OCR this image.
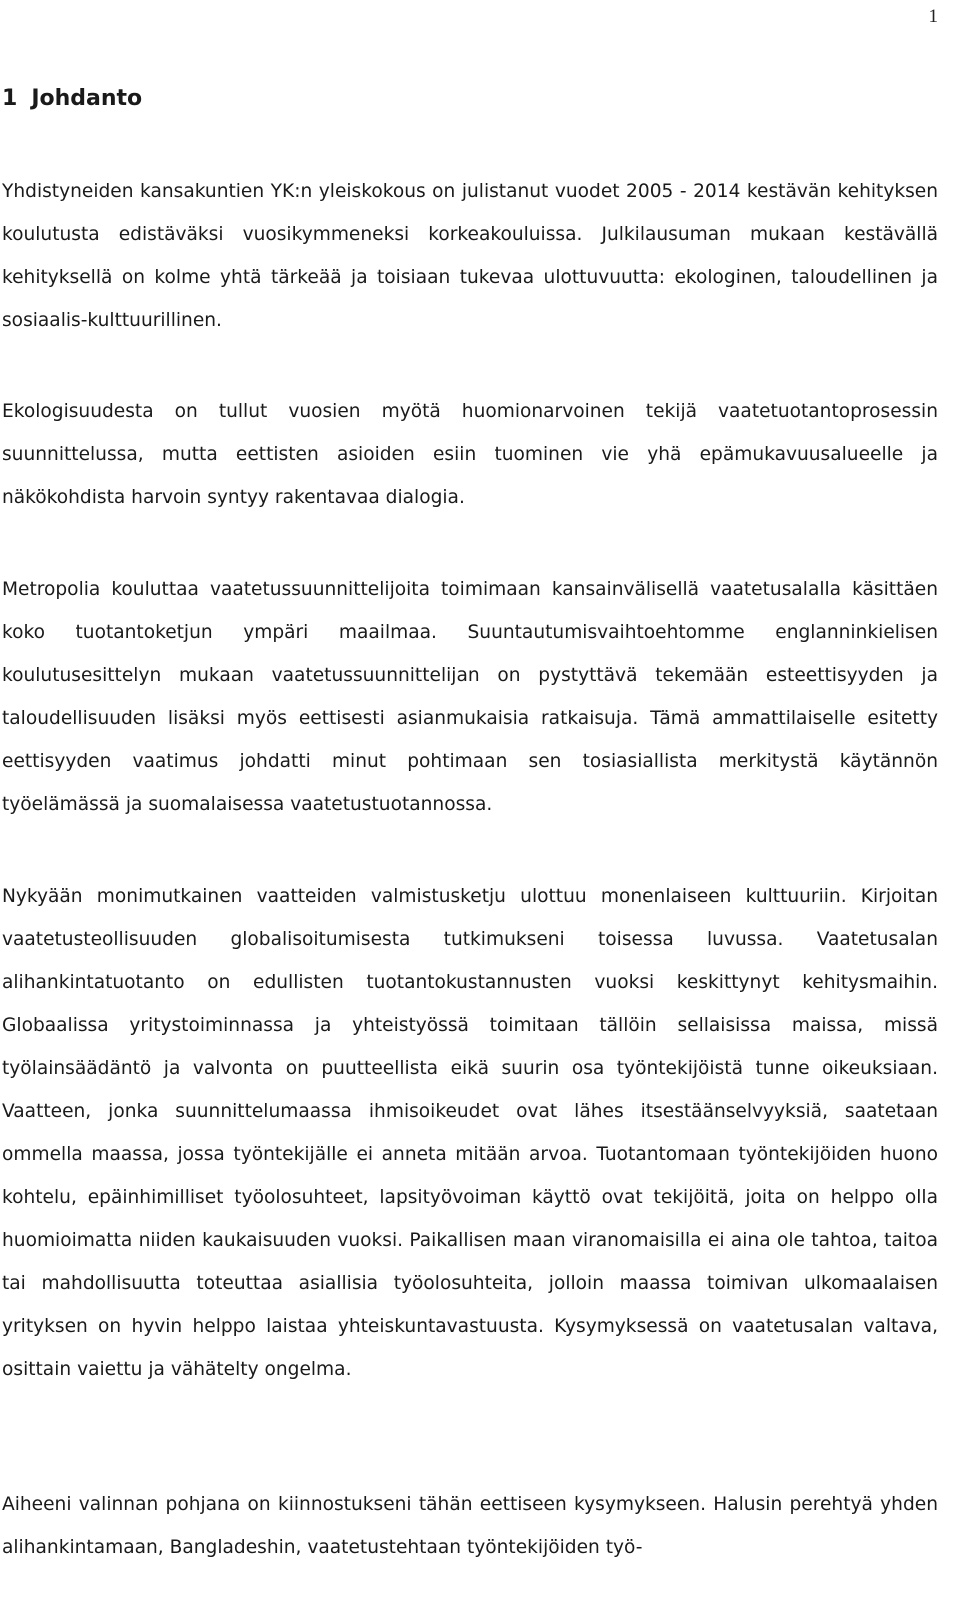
1
1 Johdanto

Yhdistyneiden kansakuntien YK:n yleiskokous on julistanut vuodet 2005 - 2014 kestävän kehityksen koulutusta edistäväksi vuosikymmeneksi korkeakouluissa. Julkilausuman mukaan kestävällä kehityksellä on kolme yhtä tärkeää ja toisiaan tukevaa ulottuvuutta: ekologinen, taloudellinen ja sosiaalis-kulttuurillinen.

Ekologisuudesta on tullut vuosien myötä huomionarvoinen tekijä vaatetuotantoprosessin suunnittelussa, mutta eettisten asioiden esiin tuominen vie yhä epämukavuusalueelle ja näkökohdista harvoin syntyy rakentavaa dialogia.

Metropolia kouluttaa vaatetussuunnittelijoita toimimaan kansainvälisellä vaatetusalalla käsittäen koko tuotantoketjun ympäri maailmaa. Suuntautumisvaihtoehtomme englanninkielisen koulutusesittelyn mukaan vaatetussuunnittelijan on pystyttävä tekemään esteettisyyden ja taloudellisuuden lisäksi myös eettisesti asianmukaisia ratkaisuja. Tämä ammattilaiselle esitetty eettisyyden vaatimus johdatti minut pohtimaan sen tosiasiallista merkitystä käytännön työelämässä ja suomalaisessa vaatetustuotannossa.

Nykyään monimutkainen vaatteiden valmistusketju ulottuu monenlaiseen kulttuuriin. Kirjoitan vaatetusteollisuuden globalisoitumisesta tutkimukseni toisessa luvussa. Vaatetusalan alihankintatuotanto on edullisten tuotantokustannusten vuoksi keskittynyt kehitysmaihin. Globaalissa yritystoiminnassa ja yhteistyössä toimitaan tällöin sellaisissa maissa, missä työlainsäädäntö ja valvonta on puutteellista eikä suurin osa työntekijöistä tunne oikeuksiaan. Vaatteen, jonka suunnittelumaassa ihmisoikeudet ovat lähes itsestäänselvyyksiä, saatetaan ommella maassa, jossa työntekijälle ei anneta mitään arvoa. Tuotantomaan työntekijöiden huono kohtelu, epäinhimilliset työolosuhteet, lapsityövoiman käyttö ovat tekijöitä, joita on helppo olla huomioimatta niiden kaukaisuuden vuoksi. Paikallisen maan viranomaisilla ei aina ole tahtoa, taitoa tai mahdollisuutta toteuttaa asiallisia työolosuhteita, jolloin maassa toimivan ulkomaalaisen yrityksen on hyvin helppo laistaa yhteiskuntavastuusta. Kysymyksessä on vaatetusalan valtava, osittain vaiettu ja vähätelty ongelma.

Aiheeni valinnan pohjana on kiinnostukseni tähän eettiseen kysymykseen. Halusin perehtyä yhden alihankintamaan, Bangladeshin, vaatetustehtaan työntekijöiden työ-
